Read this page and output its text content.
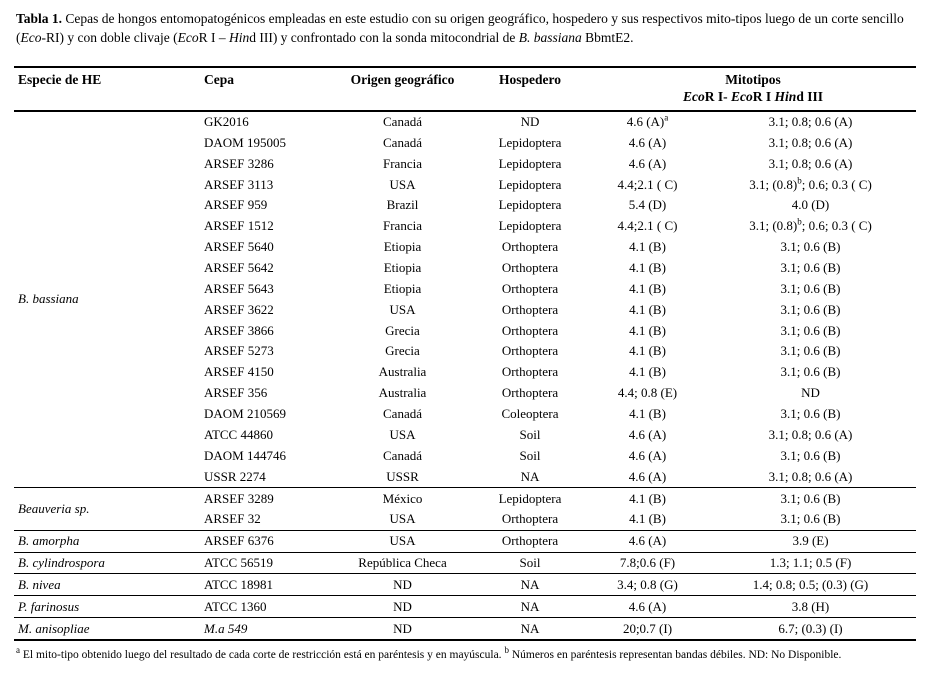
Tabla 1. Cepas de hongos entomopatogénicos empleadas en este estudio con su origen geográfico, hospedero y sus respectivos mito-tipos luego de un corte sencillo (Eco-RI) y con doble clivaje (EcoR I – Hind III) y confrontado con la sonda mitocondrial de B. bassiana BbmtE2.

Especie de HE	Cepa	Origen geográfico	Hospedero	Mitotipos
EcoR I- EcoR I Hind III	

B. bassiana	GK2016	Canadá	ND	4.6 $(A)^a$	3.1; 0.8; 0.6 (A)
	DAOM 195005	Canadá	Lepidoptera	4.6 (A)	3.1; 0.8; 0.6 (A)
	ARSEF 3286	Francia	Lepidoptera	4.6 (A)	3.1; 0.8; 0.6 (A)
	ARSEF 3113	USA	Lepidoptera	4.4;2.1 ( C)	3.1; $(0.8)^b$; 0.6; 0.3 ( C)
	ARSEF 959	Brazil	Lepidoptera	5.4 (D)	4.0 (D)
	ARSEF 1512	Francia	Lepidoptera	4.4;2.1 ( C)	3.1; $(0.8)^b$; 0.6; 0.3 ( C)
	ARSEF 5640	Etiopia	Orthoptera	4.1 (B)	3.1; 0.6 (B)
	ARSEF 5642	Etiopia	Orthoptera	4.1 (B)	3.1; 0.6 (B)
	ARSEF 5643	Etiopia	Orthoptera	4.1 (B)	3.1; 0.6 (B)
	ARSEF 3622	USA	Orthoptera	4.1 (B)	3.1; 0.6 (B)
	ARSEF 3866	Grecia	Orthoptera	4.1 (B)	3.1; 0.6 (B)
	ARSEF 5273	Grecia	Orthoptera	4.1 (B)	3.1; 0.6 (B)
	ARSEF 4150	Australia	Orthoptera	4.1 (B)	3.1; 0.6 (B)
	ARSEF 356	Australia	Orthoptera	4.4; 0.8 (E)	ND
	DAOM 210569	Canadá	Coleoptera	4.1 (B)	3.1; 0.6 (B)
	ATCC 44860	USA	Soil	4.6 (A)	3.1; 0.8; 0.6 (A)
	DAOM 144746	Canadá	Soil	4.6 (A)	3.1; 0.6 (B)
	USSR 2274	USSR	NA	4.6 (A)	3.1; 0.8; 0.6 (A)
Beauveria sp.	ARSEF 3289	México	Lepidoptera	4.1 (B)	3.1; 0.6 (B)
	ARSEF 32	USA	Orthoptera	4.1 (B)	3.1; 0.6 (B)
B. amorpha	ARSEF 6376	USA	Orthoptera	4.6 (A)	3.9 (E)
B. cylindrospora	ATCC 56519	República Checa	Soil	7.8;0.6 (F)	1.3; 1.1; 0.5 (F)
B. nivea	ATCC 18981	ND	NA	3.4; 0.8 (G)	1.4; 0.8; 0.5; (0.3) (G)
P. farinosus	ATCC 1360	ND	NA	4.6 (A)	3.8 (H)
M. anisopliae	M.a 549	ND	NA	20;0.7 (I)	6.7; (0.3) (I)

$^a$ El mito-tipo obtenido luego del resultado de cada corte de restricción está en paréntesis y en mayúscula. $^b$ Números en paréntesis representan bandas débiles. ND: No Disponible.
